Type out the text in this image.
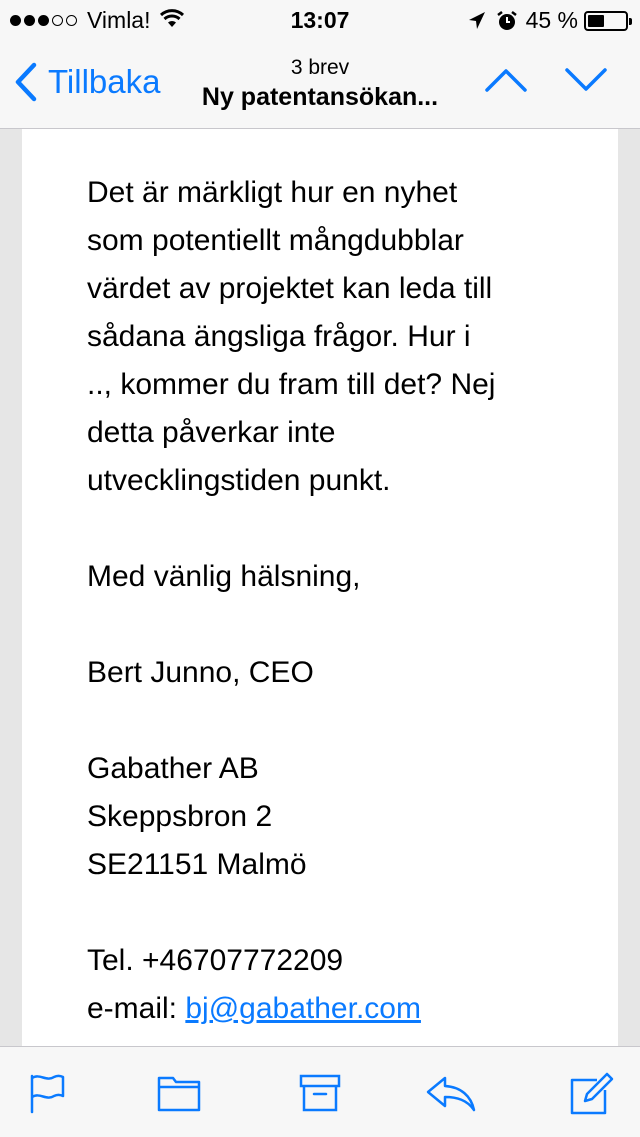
Vimla!	13:07	45 %
Tillbaka	3 brev
Ny patentansökan...

Det är märkligt hur en nyhet
som potentiellt mångdubblar
värdet av projektet kan leda till
sådana ängsliga frågor. Hur i
.., kommer du fram till det? Nej
detta påverkar inte
utvecklingstiden punkt.

Med vänlig hälsning,

Bert Junno, CEO

Gabather AB
Skeppsbron 2
SE21151 Malmö

Tel. +46707772209
e-mail: bj@gabather.com
